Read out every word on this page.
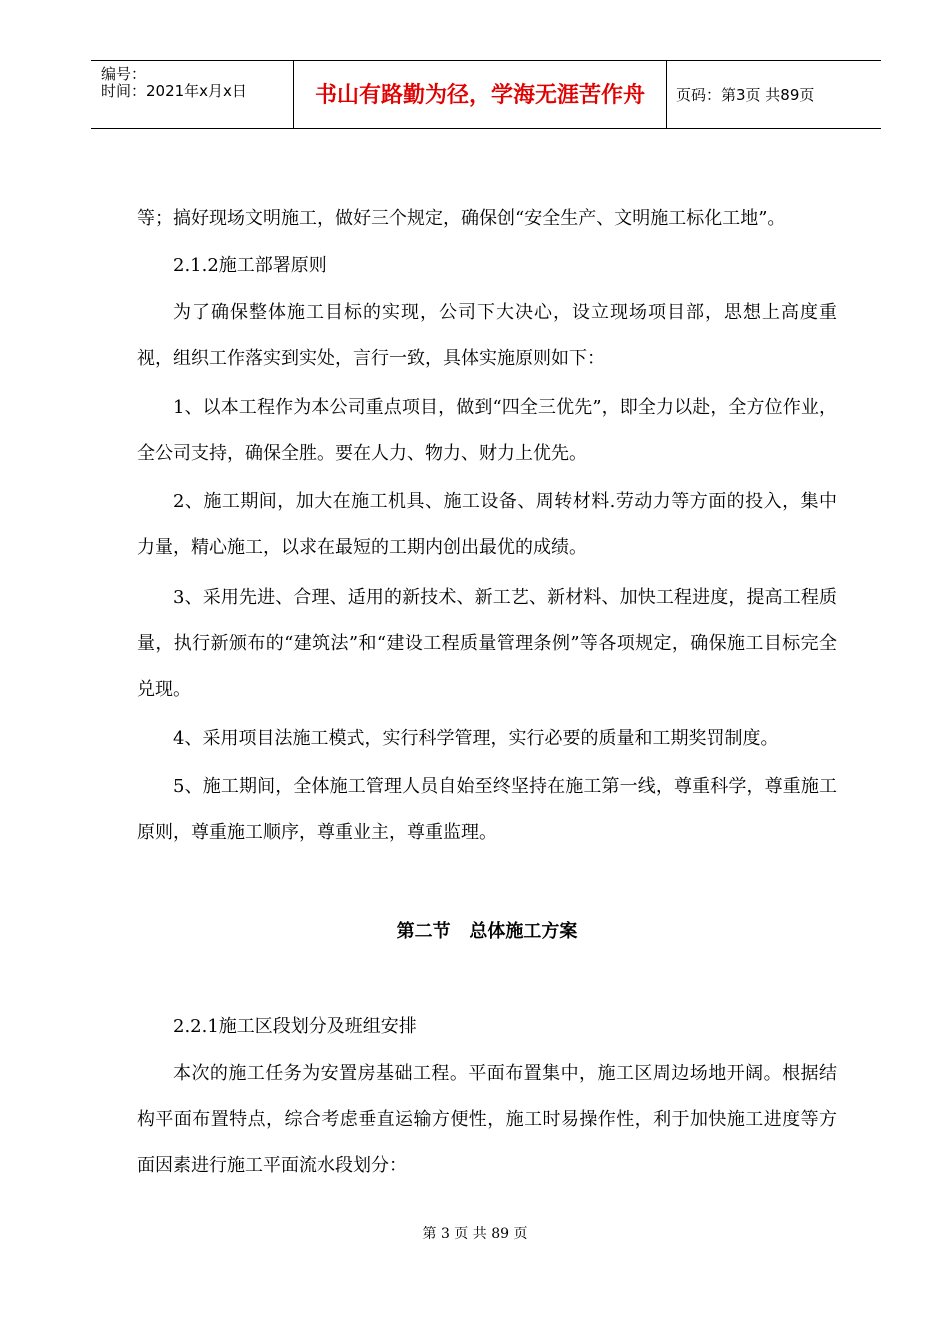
编号：
时间：2021年x月x日	书山有路勤为径，学海无涯苦作舟	页码：第3页 共89页

等；搞好现场文明施工，做好三个规定，确保创“安全生产、文明施工标化工地”。

2.1.2施工部署原则

为了确保整体施工目标的实现，公司下大决心，设立现场项目部，思想上高度重视，组织工作落实到实处，言行一致，具体实施原则如下：

1、以本工程作为本公司重点项目，做到“四全三优先”，即全力以赴，全方位作业，全公司支持，确保全胜。要在人力、物力、财力上优先。

2、施工期间，加大在施工机具、施工设备、周转材料.劳动力等方面的投入，集中力量，精心施工，以求在最短的工期内创出最优的成绩。

3、采用先进、合理、适用的新技术、新工艺、新材料、加快工程进度，提高工程质量，执行新颁布的“建筑法”和“建设工程质量管理条例”等各项规定，确保施工目标完全兑现。

4、采用项目法施工模式，实行科学管理，实行必要的质量和工期奖罚制度。

5、施工期间，全体施工管理人员自始至终坚持在施工第一线，尊重科学，尊重施工原则，尊重施工顺序，尊重业主，尊重监理。

第二节   总体施工方案

2.2.1施工区段划分及班组安排

本次的施工任务为安置房基础工程。平面布置集中，施工区周边场地开阔。根据结构平面布置特点，综合考虑垂直运输方便性，施工时易操作性，利于加快施工进度等方面因素进行施工平面流水段划分：

第 3 页 共 89 页
